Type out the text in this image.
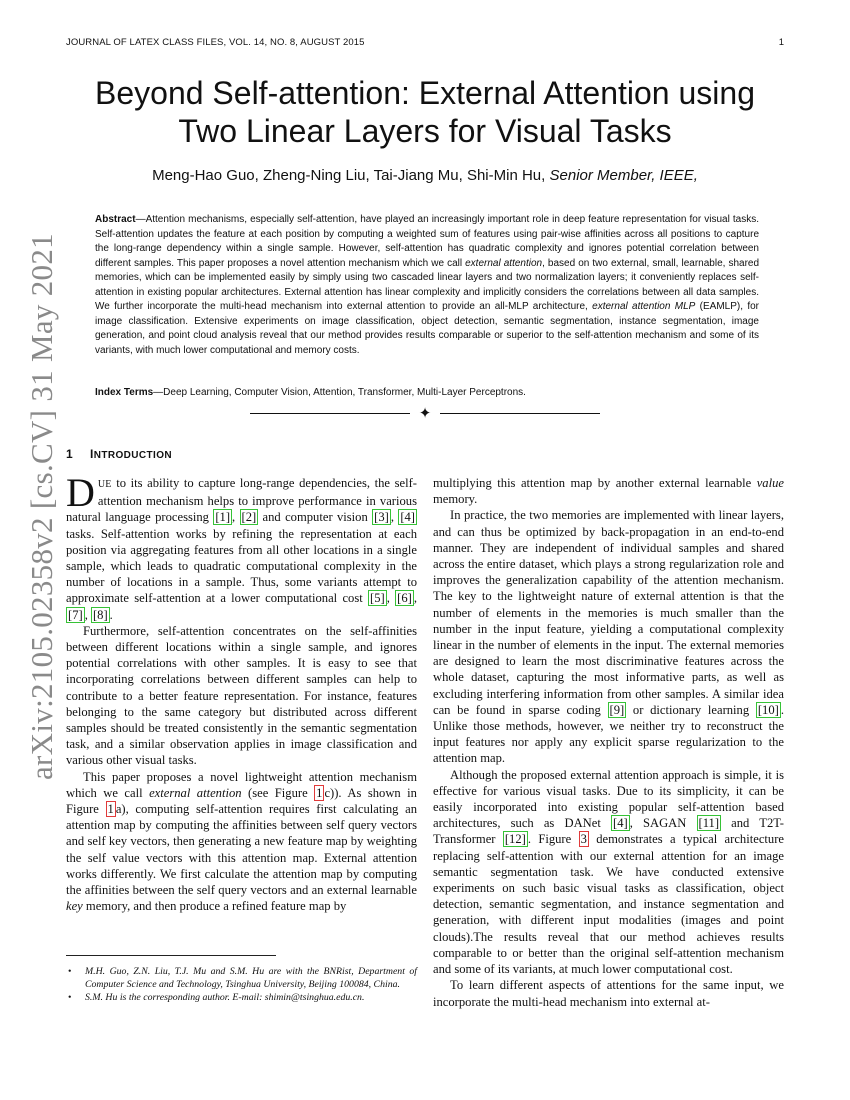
JOURNAL OF LATEX CLASS FILES, VOL. 14, NO. 8, AUGUST 2015	1
arXiv:2105.02358v2 [cs.CV] 31 May 2021
Beyond Self-attention: External Attention using
Two Linear Layers for Visual Tasks
Meng-Hao Guo, Zheng-Ning Liu, Tai-Jiang Mu, Shi-Min Hu, Senior Member, IEEE,

Abstract—Attention mechanisms, especially self-attention, have played an increasingly important role in deep feature representation for visual tasks. Self-attention updates the feature at each position by computing a weighted sum of features using pair-wise affinities across all positions to capture the long-range dependency within a single sample. However, self-attention has quadratic complexity and ignores potential correlation between different samples. This paper proposes a novel attention mechanism which we call external attention, based on two external, small, learnable, shared memories, which can be implemented easily by simply using two cascaded linear layers and two normalization layers; it conveniently replaces self-attention in existing popular architectures. External attention has linear complexity and implicitly considers the correlations between all data samples. We further incorporate the multi-head mechanism into external attention to provide an all-MLP architecture, external attention MLP (EAMLP), for image classification. Extensive experiments on image classification, object detection, semantic segmentation, instance segmentation, image generation, and point cloud analysis reveal that our method provides results comparable or superior to the self-attention mechanism and some of its variants, with much lower computational and memory costs.

Index Terms—Deep Learning, Computer Vision, Attention, Transformer, Multi-Layer Perceptrons.

✦
1 INTRODUCTION

DUE to its ability to capture long-range dependencies, the self-attention mechanism helps to improve performance in various natural language processing [1] , [2] and computer vision [3] , [4] tasks. Self-attention works by refining the representation at each position via aggregating features from all other locations in a single sample, which leads to quadratic computational complexity in the number of locations in a sample. Thus, some variants attempt to approximate self-attention at a lower computational cost [5] , [6] , [7] , [8] .

Furthermore, self-attention concentrates on the self-affinities between different locations within a single sample, and ignores potential correlations with other samples. It is easy to see that incorporating correlations between different samples can help to contribute to a better feature representation. For instance, features belonging to the same category but distributed across different samples should be treated consistently in the semantic segmentation task, and a similar observation applies in image classification and various other visual tasks.

This paper proposes a novel lightweight attention mechanism which we call external attention (see Figure 1 c)). As shown in Figure 1 a), computing self-attention requires first calculating an attention map by computing the affinities between self query vectors and self key vectors, then generating a new feature map by weighting the self value vectors with this attention map. External attention works differently. We first calculate the attention map by computing the affinities between the self query vectors and an external learnable key memory, and then produce a refined feature map by

• M.H. Guo, Z.N. Liu, T.J. Mu and S.M. Hu are with the BNRist, Department of Computer Science and Technology, Tsinghua University, Beijing 100084, China.
• S.M. Hu is the corresponding author. E-mail: shimin@tsinghua.edu.cn.

multiplying this attention map by another external learnable value memory.

In practice, the two memories are implemented with linear layers, and can thus be optimized by back-propagation in an end-to-end manner. They are independent of individual samples and shared across the entire dataset, which plays a strong regularization role and improves the generalization capability of the attention mechanism. The key to the lightweight nature of external attention is that the number of elements in the memories is much smaller than the number in the input feature, yielding a computational complexity linear in the number of elements in the input. The external memories are designed to learn the most discriminative features across the whole dataset, capturing the most informative parts, as well as excluding interfering information from other samples. A similar idea can be found in sparse coding [9] or dictionary learning [10] . Unlike those methods, however, we neither try to reconstruct the input features nor apply any explicit sparse regularization to the attention map.

Although the proposed external attention approach is simple, it is effective for various visual tasks. Due to its simplicity, it can be easily incorporated into existing popular self-attention based architectures, such as DANet [4] , SAGAN [11] and T2T-Transformer [12] . Figure 3 demonstrates a typical architecture replacing self-attention with our external attention for an image semantic segmentation task. We have conducted extensive experiments on such basic visual tasks as classification, object detection, semantic segmentation, and instance segmentation and generation, with different input modalities (images and point clouds).The results reveal that our method achieves results comparable to or better than the original self-attention mechanism and some of its variants, at much lower computational cost.

To learn different aspects of attentions for the same input, we incorporate the multi-head mechanism into external at-
